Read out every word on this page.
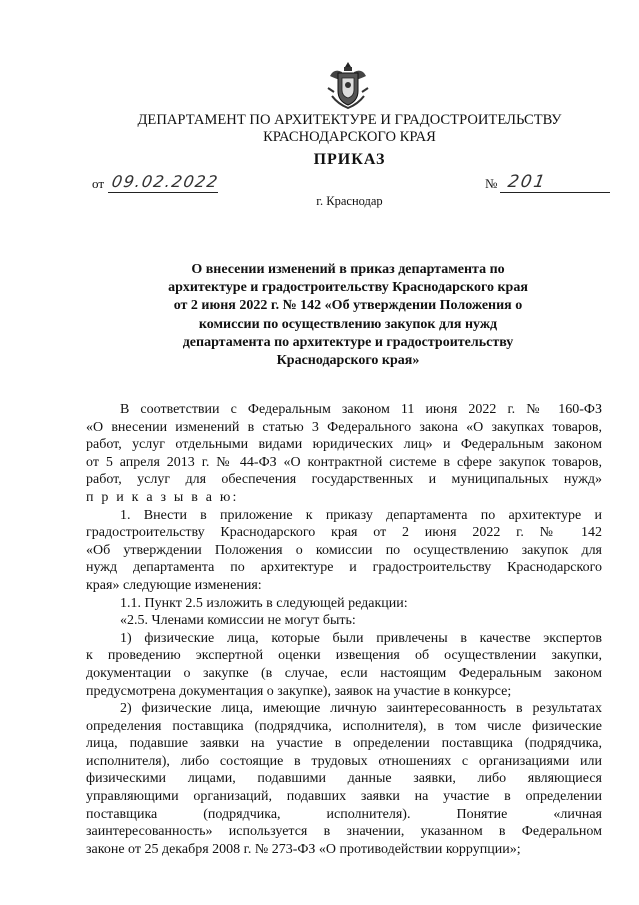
ДЕПАРТАМЕНТ ПО АРХИТЕКТУРЕ И ГРАДОСТРОИТЕЛЬСТВУ
КРАСНОДАРСКОГО КРАЯ
ПРИКАЗ
от 09.02.2022	№ 201
г. Краснодар
О внесении изменений в приказ департамента по
архитектуре и градостроительству Краснодарского края
от 2 июня 2022 г. № 142 «Об утверждении Положения о
комиссии по осуществлению закупок для нужд
департамента по архитектуре и градостроительству
Краснодарского края»
В соответствии с Федеральным законом 11 июня 2022 г. № 160-ФЗ
«О внесении изменений в статью 3 Федерального закона «О закупках товаров,
работ, услуг отдельными видами юридических лиц» и Федеральным законом
от 5 апреля 2013 г. № 44-ФЗ «О контрактной системе в сфере закупок товаров,
работ, услуг для обеспечения государственных и муниципальных нужд»
п р и к а з ы в а ю:
1. Внести в приложение к приказу департамента по архитектуре и
градостроительству Краснодарского края от 2 июня 2022 г. № 142
«Об утверждении Положения о комиссии по осуществлению закупок для
нужд департамента по архитектуре и градостроительству Краснодарского
края» следующие изменения:
1.1. Пункт 2.5 изложить в следующей редакции:
«2.5. Членами комиссии не могут быть:
1) физические лица, которые были привлечены в качестве экспертов
к проведению экспертной оценки извещения об осуществлении закупки,
документации о закупке (в случае, если настоящим Федеральным законом
предусмотрена документация о закупке), заявок на участие в конкурсе;
2) физические лица, имеющие личную заинтересованность в результатах
определения поставщика (подрядчика, исполнителя), в том числе физические
лица, подавшие заявки на участие в определении поставщика (подрядчика,
исполнителя), либо состоящие в трудовых отношениях с организациями или
физическими лицами, подавшими данные заявки, либо являющиеся
управляющими организаций, подавших заявки на участие в определении
поставщика (подрядчика, исполнителя). Понятие «личная
заинтересованность» используется в значении, указанном в Федеральном
законе от 25 декабря 2008 г. № 273-ФЗ «О противодействии коррупции»;
